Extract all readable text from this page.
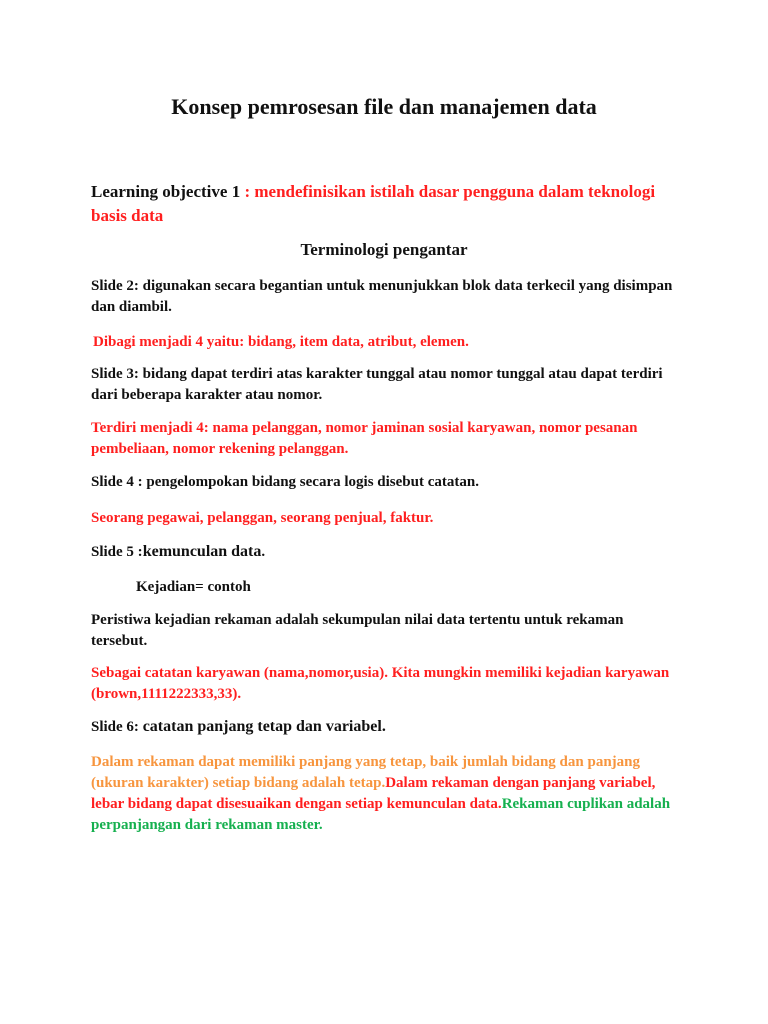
Konsep pemrosesan file dan manajemen data
Learning objective 1 : mendefinisikan istilah dasar pengguna dalam teknologi basis data
Terminologi pengantar
Slide 2: digunakan secara begantian untuk menunjukkan blok data terkecil yang disimpan dan diambil.
Dibagi menjadi 4 yaitu: bidang, item data, atribut, elemen.
Slide 3: bidang dapat terdiri atas karakter tunggal atau nomor tunggal atau dapat terdiri dari beberapa karakter atau nomor.
Terdiri menjadi 4: nama pelanggan, nomor jaminan sosial karyawan, nomor pesanan pembeliaan, nomor rekening pelanggan.
Slide 4 : pengelompokan bidang secara logis disebut catatan.
Seorang pegawai, pelanggan, seorang penjual, faktur.
Slide 5 :kemunculan data.
Kejadian= contoh
Peristiwa kejadian rekaman adalah sekumpulan nilai data tertentu untuk rekaman tersebut.
Sebagai catatan karyawan (nama,nomor,usia). Kita mungkin memiliki kejadian karyawan (brown,1111222333,33).
Slide 6: catatan panjang tetap dan variabel.
Dalam rekaman dapat memiliki panjang yang tetap, baik jumlah bidang dan panjang (ukuran karakter) setiap bidang adalah tetap.Dalam rekaman dengan panjang variabel, lebar bidang dapat disesuaikan dengan setiap kemunculan data.Rekaman cuplikan adalah perpanjangan dari rekaman master.
